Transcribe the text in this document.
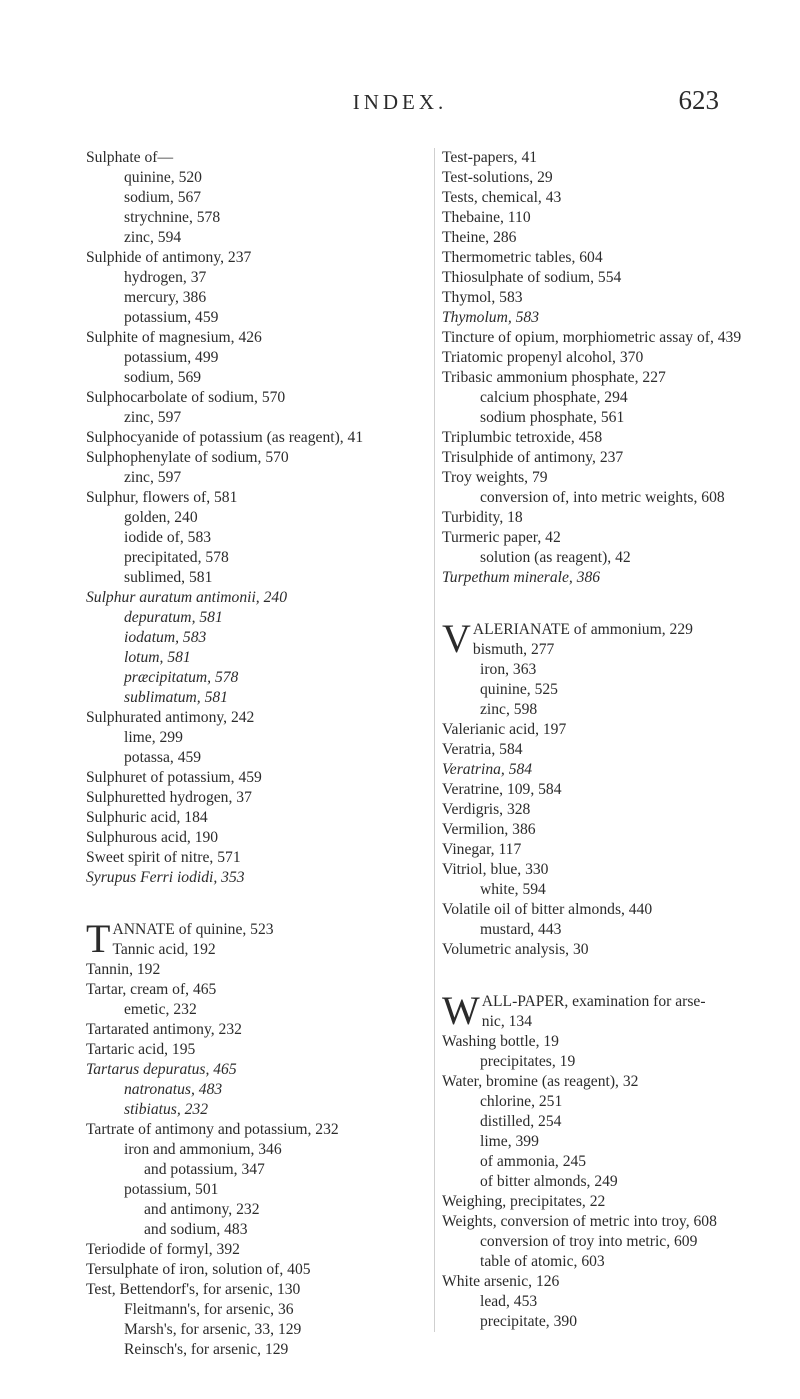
INDEX.	623
Sulphate of—
quinine, 520
sodium, 567
strychnine, 578
zinc, 594
Sulphide of antimony, 237
hydrogen, 37
mercury, 386
potassium, 459
Sulphite of magnesium, 426
potassium, 499
sodium, 569
Sulphocarbolate of sodium, 570
zinc, 597
Sulphocyanide of potassium (as reagent), 41
Sulphophenylate of sodium, 570
zinc, 597
Sulphur, flowers of, 581
golden, 240
iodide of, 583
precipitated, 578
sublimed, 581
Sulphur auratum antimonii, 240
depuratum, 581
iodatum, 583
lotum, 581
præcipitatum, 578
sublimatum, 581
Sulphurated antimony, 242
lime, 299
potassa, 459
Sulphuret of potassium, 459
Sulphuretted hydrogen, 37
Sulphuric acid, 184
Sulphurous acid, 190
Sweet spirit of nitre, 571
Syrupus Ferri iodidi, 353
T ANNATE of quinine, 523
Tannic acid, 192
Tannin, 192
Tartar, cream of, 465
emetic, 232
Tartarated antimony, 232
Tartaric acid, 195
Tartarus depuratus, 465
natronatus, 483
stibiatus, 232
Tartrate of antimony and potassium, 232
iron and ammonium, 346
and potassium, 347
potassium, 501
and antimony, 232
and sodium, 483
Teriodide of formyl, 392
Tersulphate of iron, solution of, 405
Test, Bettendorf's, for arsenic, 130
Fleitmann's, for arsenic, 36
Marsh's, for arsenic, 33, 129
Reinsch's, for arsenic, 129
Test-papers, 41
Test-solutions, 29
Tests, chemical, 43
Thebaine, 110
Theine, 286
Thermometric tables, 604
Thiosulphate of sodium, 554
Thymol, 583
Thymolum, 583
Tincture of opium, morphiometric assay of, 439
Triatomic propenyl alcohol, 370
Tribasic ammonium phosphate, 227
calcium phosphate, 294
sodium phosphate, 561
Triplumbic tetroxide, 458
Trisulphide of antimony, 237
Troy weights, 79
conversion of, into metric weights, 608
Turbidity, 18
Turmeric paper, 42
solution (as reagent), 42
Turpethum minerale, 386
V ALERIANATE of ammonium, 229
bismuth, 277
iron, 363
quinine, 525
zinc, 598
Valerianic acid, 197
Veratria, 584
Veratrina, 584
Veratrine, 109, 584
Verdigris, 328
Vermilion, 386
Vinegar, 117
Vitriol, blue, 330
white, 594
Volatile oil of bitter almonds, 440
mustard, 443
Volumetric analysis, 30
W ALL-PAPER, examination for arse-
nic, 134
Washing bottle, 19
precipitates, 19
Water, bromine (as reagent), 32
chlorine, 251
distilled, 254
lime, 399
of ammonia, 245
of bitter almonds, 249
Weighing, precipitates, 22
Weights, conversion of metric into troy, 608
conversion of troy into metric, 609
table of atomic, 603
White arsenic, 126
lead, 453
precipitate, 390
